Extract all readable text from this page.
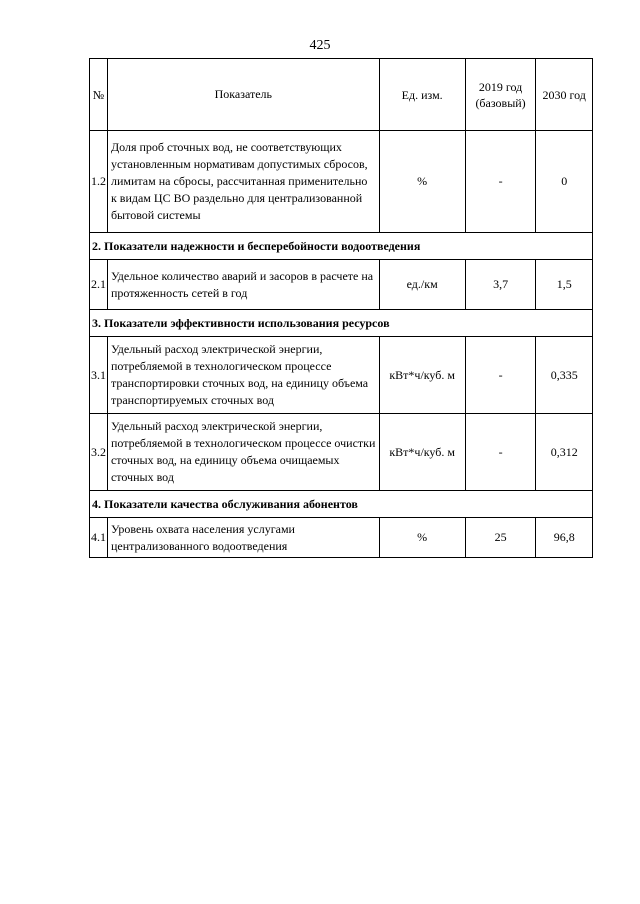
425
№	Показатель	Ед. изм.	2019 год (базовый)	2030 год
1.2	Доля проб сточных вод, не соответствующих установленным нормативам допустимых сбросов, лимитам на сбросы, рассчитанная применительно к видам ЦС ВО раздельно для централизованной бытовой системы	%	-	0
2. Показатели надежности и бесперебойности водоотведения				
2.1	Удельное количество аварий и засоров в расчете на протяженность сетей в год	ед./км	3,7	1,5
3. Показатели эффективности использования ресурсов				
3.1	Удельный расход электрической энергии, потребляемой в технологическом процессе транспортировки сточных вод, на единицу объема транспортируемых сточных вод	кВт*ч/куб. м	-	0,335
3.2	Удельный расход электрической энергии, потребляемой в технологическом процессе очистки сточных вод, на единицу объема очищаемых сточных вод	кВт*ч/куб. м	-	0,312
4. Показатели качества обслуживания абонентов				
4.1	Уровень охвата населения услугами централизованного водоотведения	%	25	96,8
